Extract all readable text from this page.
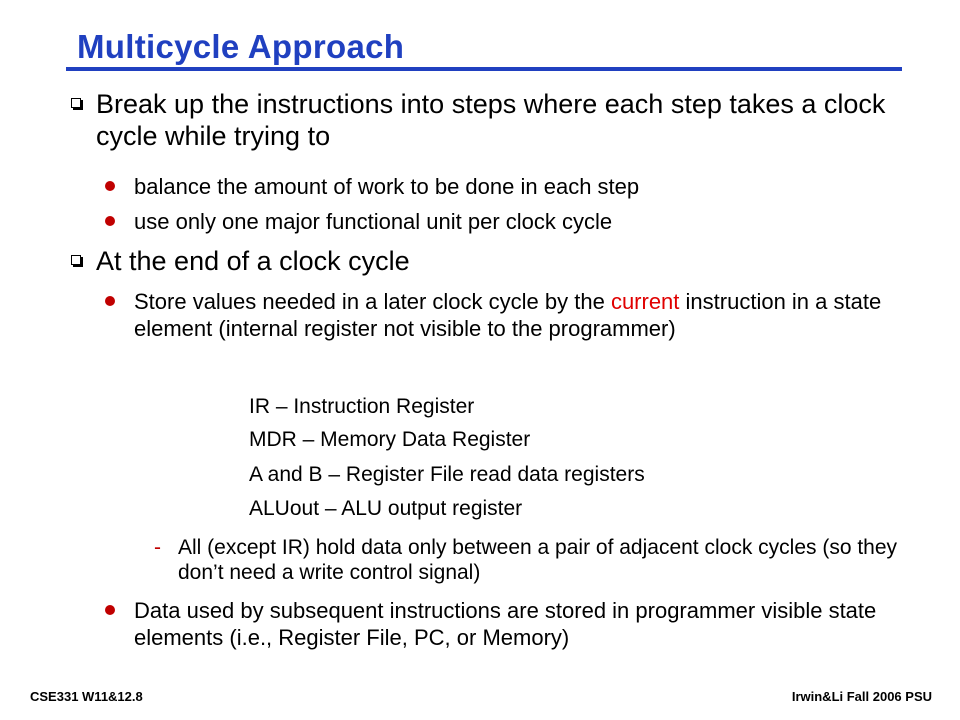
Multicycle Approach
Break up the instructions into steps where each step takes a clock cycle while trying to
balance the amount of work to be done in each step
use only one major functional unit per clock cycle
At the end of a clock cycle
Store values needed in a later clock cycle by the current instruction in a state element (internal register not visible to the programmer)
IR – Instruction Register
MDR – Memory Data Register
A and B – Register File read data registers
ALUout – ALU output register
- All (except IR) hold data only between a pair of adjacent clock cycles (so they don’t need a write control signal)
Data used by subsequent instructions are stored in programmer visible state elements (i.e., Register File, PC, or Memory)
CSE331 W11&12.8	Irwin&Li Fall 2006 PSU
